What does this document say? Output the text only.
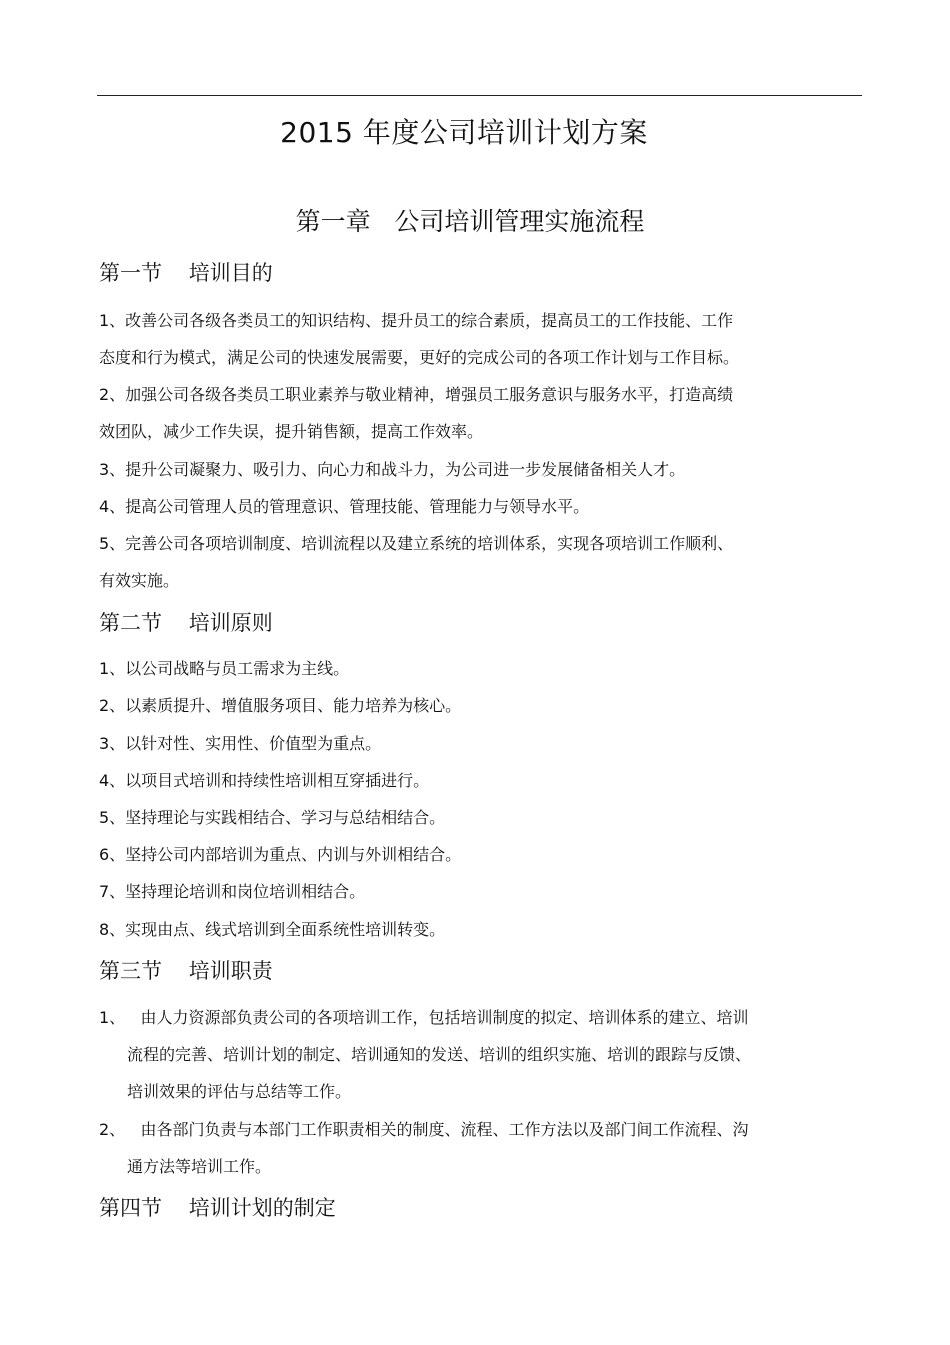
2015 年度公司培训计划方案
第一章   公司培训管理实施流程
第一节    培训目的

1、改善公司各级各类员工的知识结构、提升员工的综合素质，提高员工的工作技能、工作

态度和行为模式，满足公司的快速发展需要，更好的完成公司的各项工作计划与工作目标。

2、加强公司各级各类员工职业素养与敬业精神，增强员工服务意识与服务水平，打造高绩

效团队，减少工作失误，提升销售额，提高工作效率。

3、提升公司凝聚力、吸引力、向心力和战斗力，为公司进一步发展储备相关人才。

4、提高公司管理人员的管理意识、管理技能、管理能力与领导水平。

5、完善公司各项培训制度、培训流程以及建立系统的培训体系，实现各项培训工作顺利、

有效实施。

第二节    培训原则

1、以公司战略与员工需求为主线。

2、以素质提升、增值服务项目、能力培养为核心。

3、以针对性、实用性、价值型为重点。

4、以项目式培训和持续性培训相互穿插进行。

5、坚持理论与实践相结合、学习与总结相结合。

6、坚持公司内部培训为重点、内训与外训相结合。

7、坚持理论培训和岗位培训相结合。

8、实现由点、线式培训到全面系统性培训转变。

第三节    培训职责

1、   由人力资源部负责公司的各项培训工作，包括培训制度的拟定、培训体系的建立、培训

流程的完善、培训计划的制定、培训通知的发送、培训的组织实施、培训的跟踪与反馈、

培训效果的评估与总结等工作。

2、   由各部门负责与本部门工作职责相关的制度、流程、工作方法以及部门间工作流程、沟

通方法等培训工作。

第四节    培训计划的制定
